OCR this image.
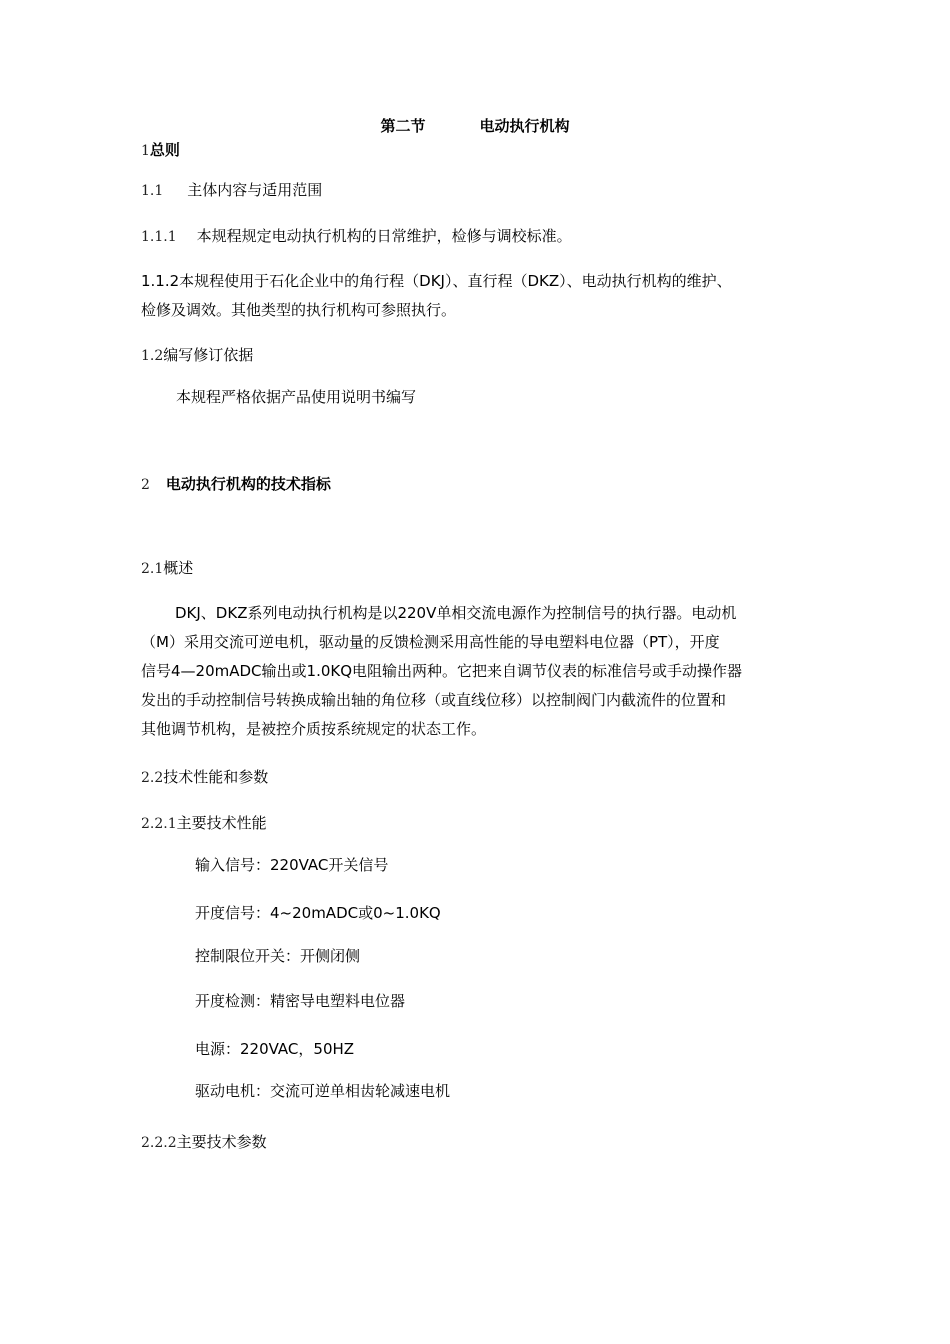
第二节	电动执行机构
1总则
1.1 主体内容与适用范围
1.1.1 本规程规定电动执行机构的日常维护，检修与调校标准。
1.1.2本规程使用于石化企业中的角行程（DKJ）、直行程（DKZ）、电动执行机构的维护、
检修及调效。其他类型的执行机构可参照执行。
1.2编写修订依据
本规程严格依据产品使用说明书编写
2 电动执行机构的技术指标
2.1概述
DKJ、DKZ系列电动执行机构是以220V单相交流电源作为控制信号的执行器。电动机
（M）采用交流可逆电机，驱动量的反馈检测采用高性能的导电塑料电位器（PT），开度
信号4—20mADC输出或1.0KQ电阻输出两种。它把来自调节仪表的标准信号或手动操作器
发出的手动控制信号转换成输出轴的角位移（或直线位移）以控制阀门内截流件的位置和
其他调节机构，是被控介质按系统规定的状态工作。
2.2技术性能和参数
2.2.1主要技术性能
输入信号：220VAC开关信号
开度信号：4~20mADC或0~1.0KQ
控制限位开关：开侧闭侧
开度检测：精密导电塑料电位器
电源：220VAC，50HZ
驱动电机：交流可逆单相齿轮减速电机
2.2.2主要技术参数
